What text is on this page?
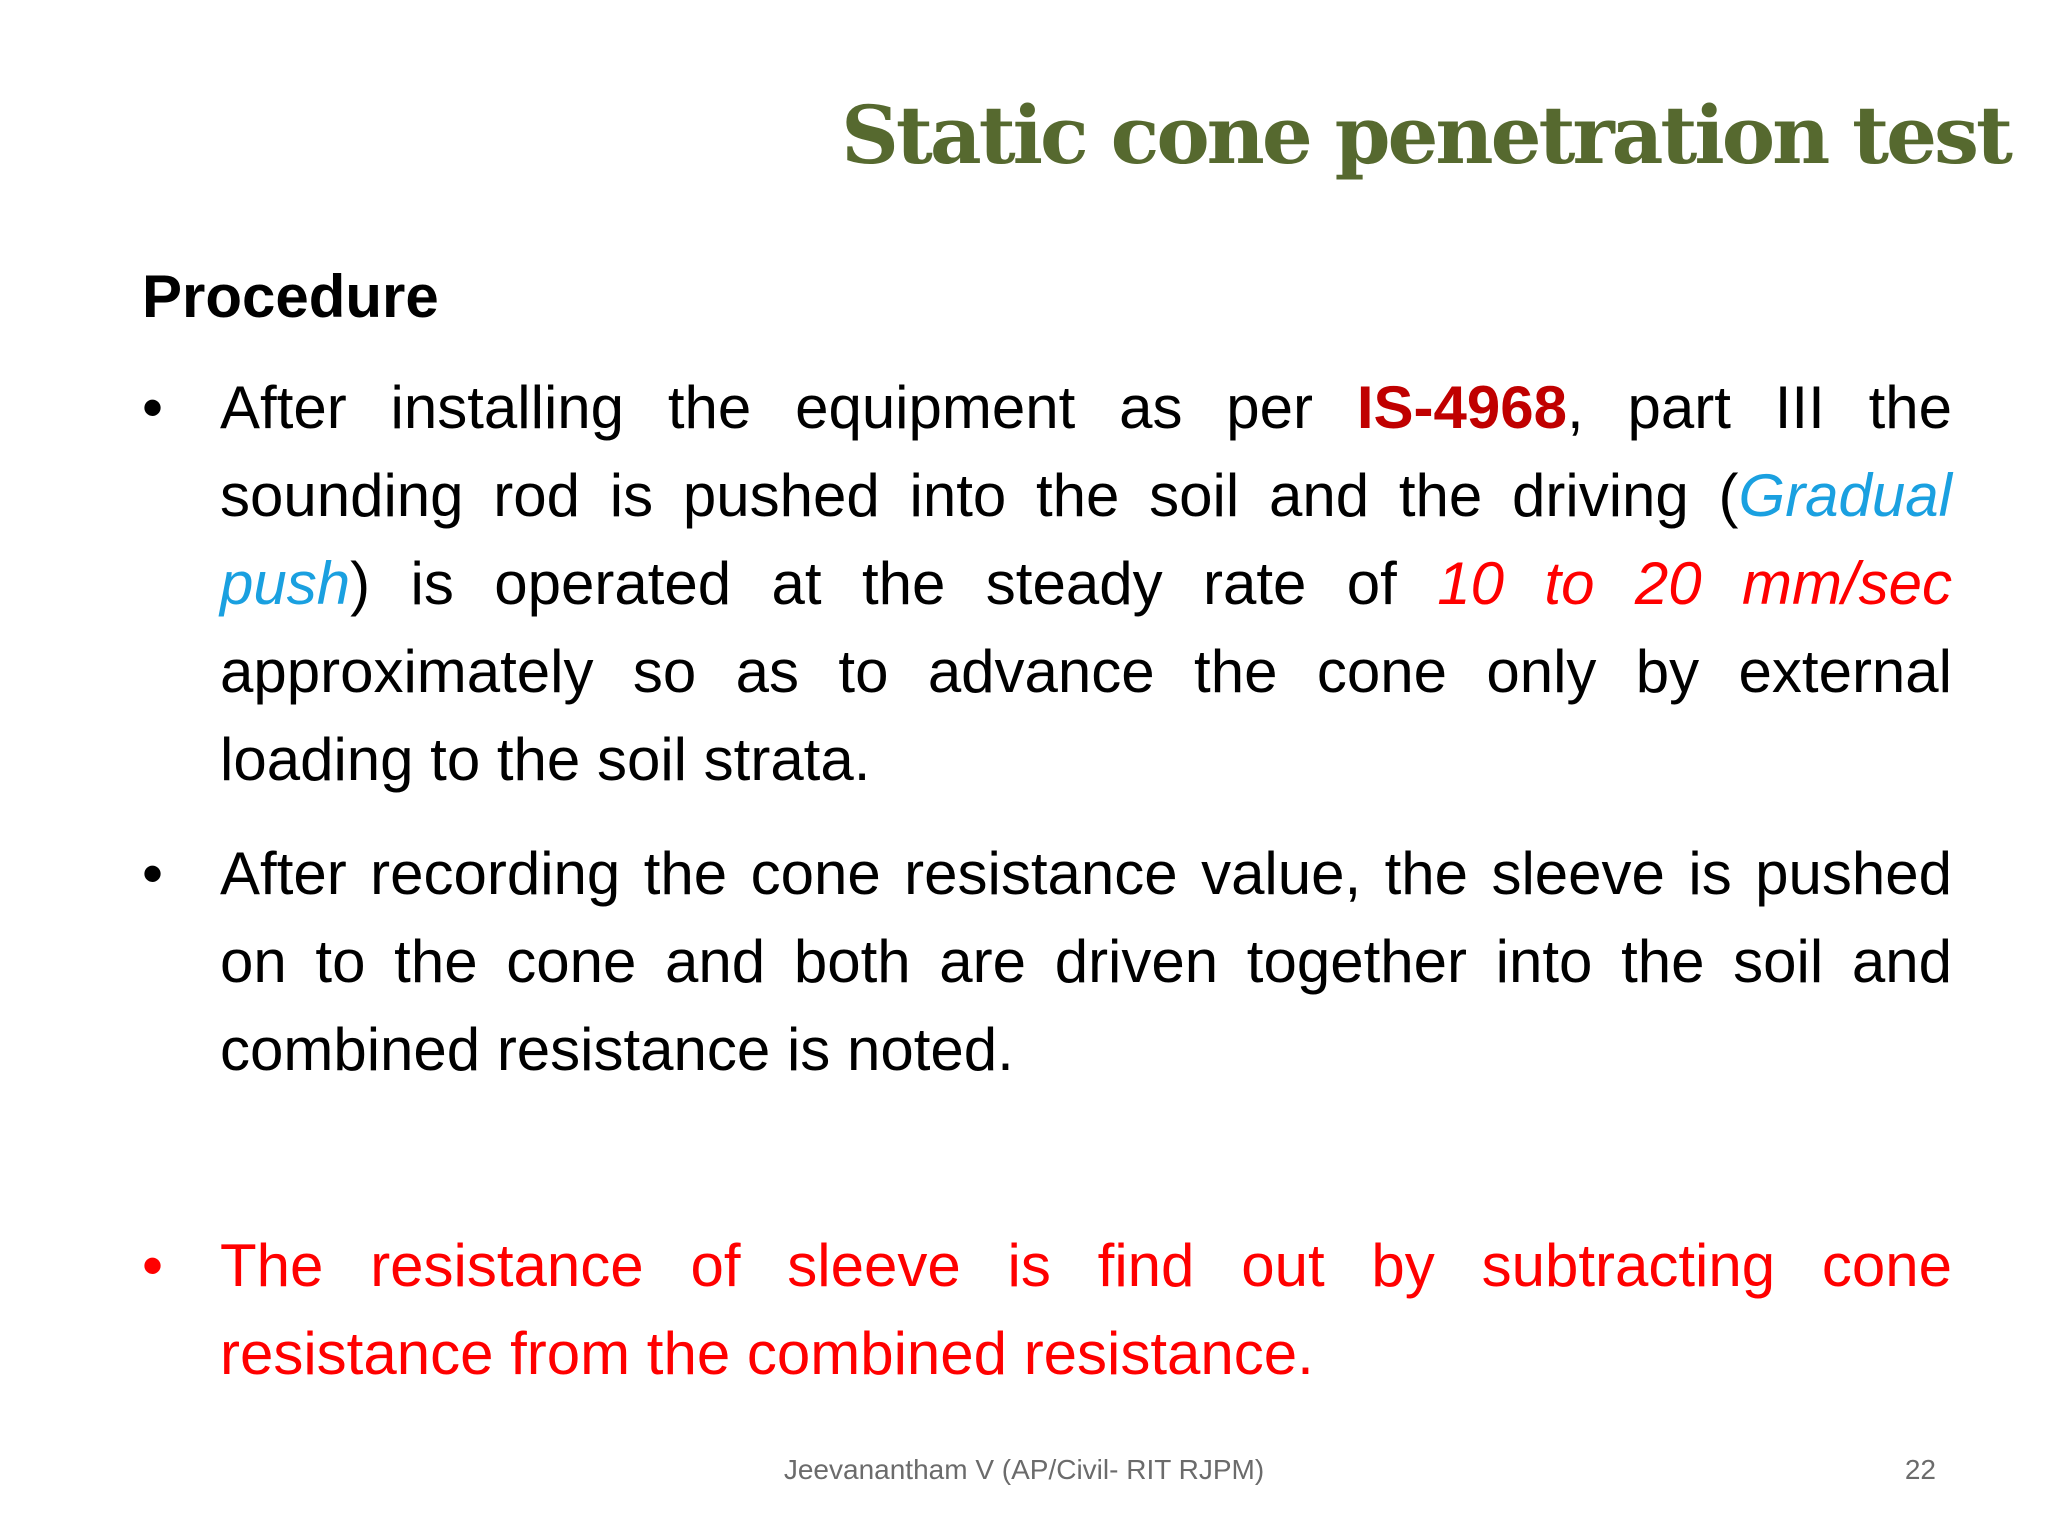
Static cone penetration test
Procedure
• After installing the equipment as per IS-4968, part III the sounding rod is pushed into the soil and the driving (Gradual push) is operated at the steady rate of 10 to 20 mm/sec approximately so as to advance the cone only by external loading to the soil strata.
• After recording the cone resistance value, the sleeve is pushed on to the cone and both are driven together into the soil and combined resistance is noted.
• The resistance of sleeve is find out by subtracting cone resistance from the combined resistance.
Jeevanantham V (AP/Civil- RIT RJPM)	22
